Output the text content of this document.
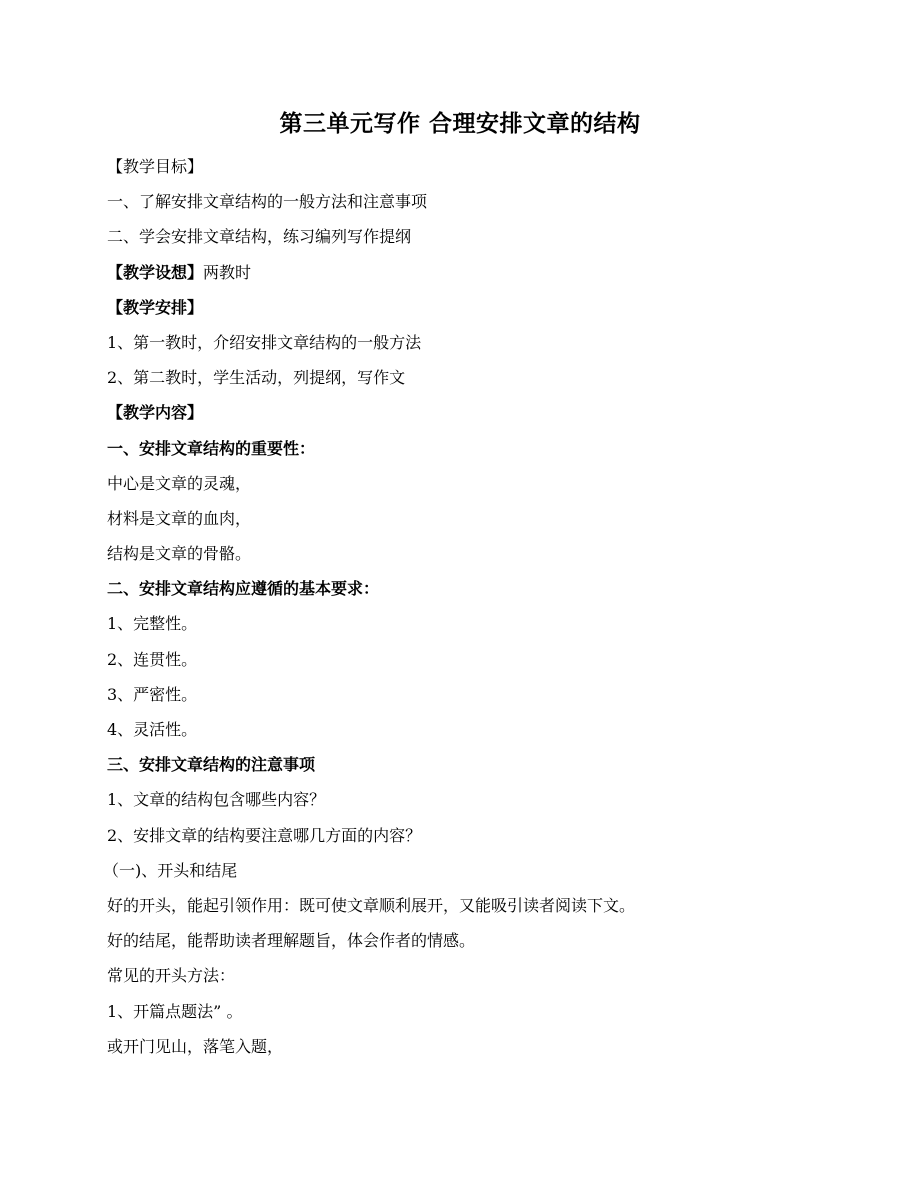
第三单元写作 合理安排文章的结构
【教学目标】
一、了解安排文章结构的一般方法和注意事项
二、学会安排文章结构，练习编列写作提纲
【教学设想】两教时
【教学安排】
1、第一教时，介绍安排文章结构的一般方法
2、第二教时，学生活动，列提纲，写作文
【教学内容】
一、安排文章结构的重要性：
中心是文章的灵魂，
材料是文章的血肉，
结构是文章的骨骼。
二、安排文章结构应遵循的基本要求：
1、完整性。
2、连贯性。
3、严密性。
4、灵活性。
三、安排文章结构的注意事项
1、文章的结构包含哪些内容？
2、安排文章的结构要注意哪几方面的内容？
（一)、开头和结尾
好的开头，能起引领作用：既可使文章顺利展开，又能吸引读者阅读下文。
好的结尾，能帮助读者理解题旨，体会作者的情感。
常见的开头方法：
1、开篇点题法” 。
或开门见山，落笔入题，
